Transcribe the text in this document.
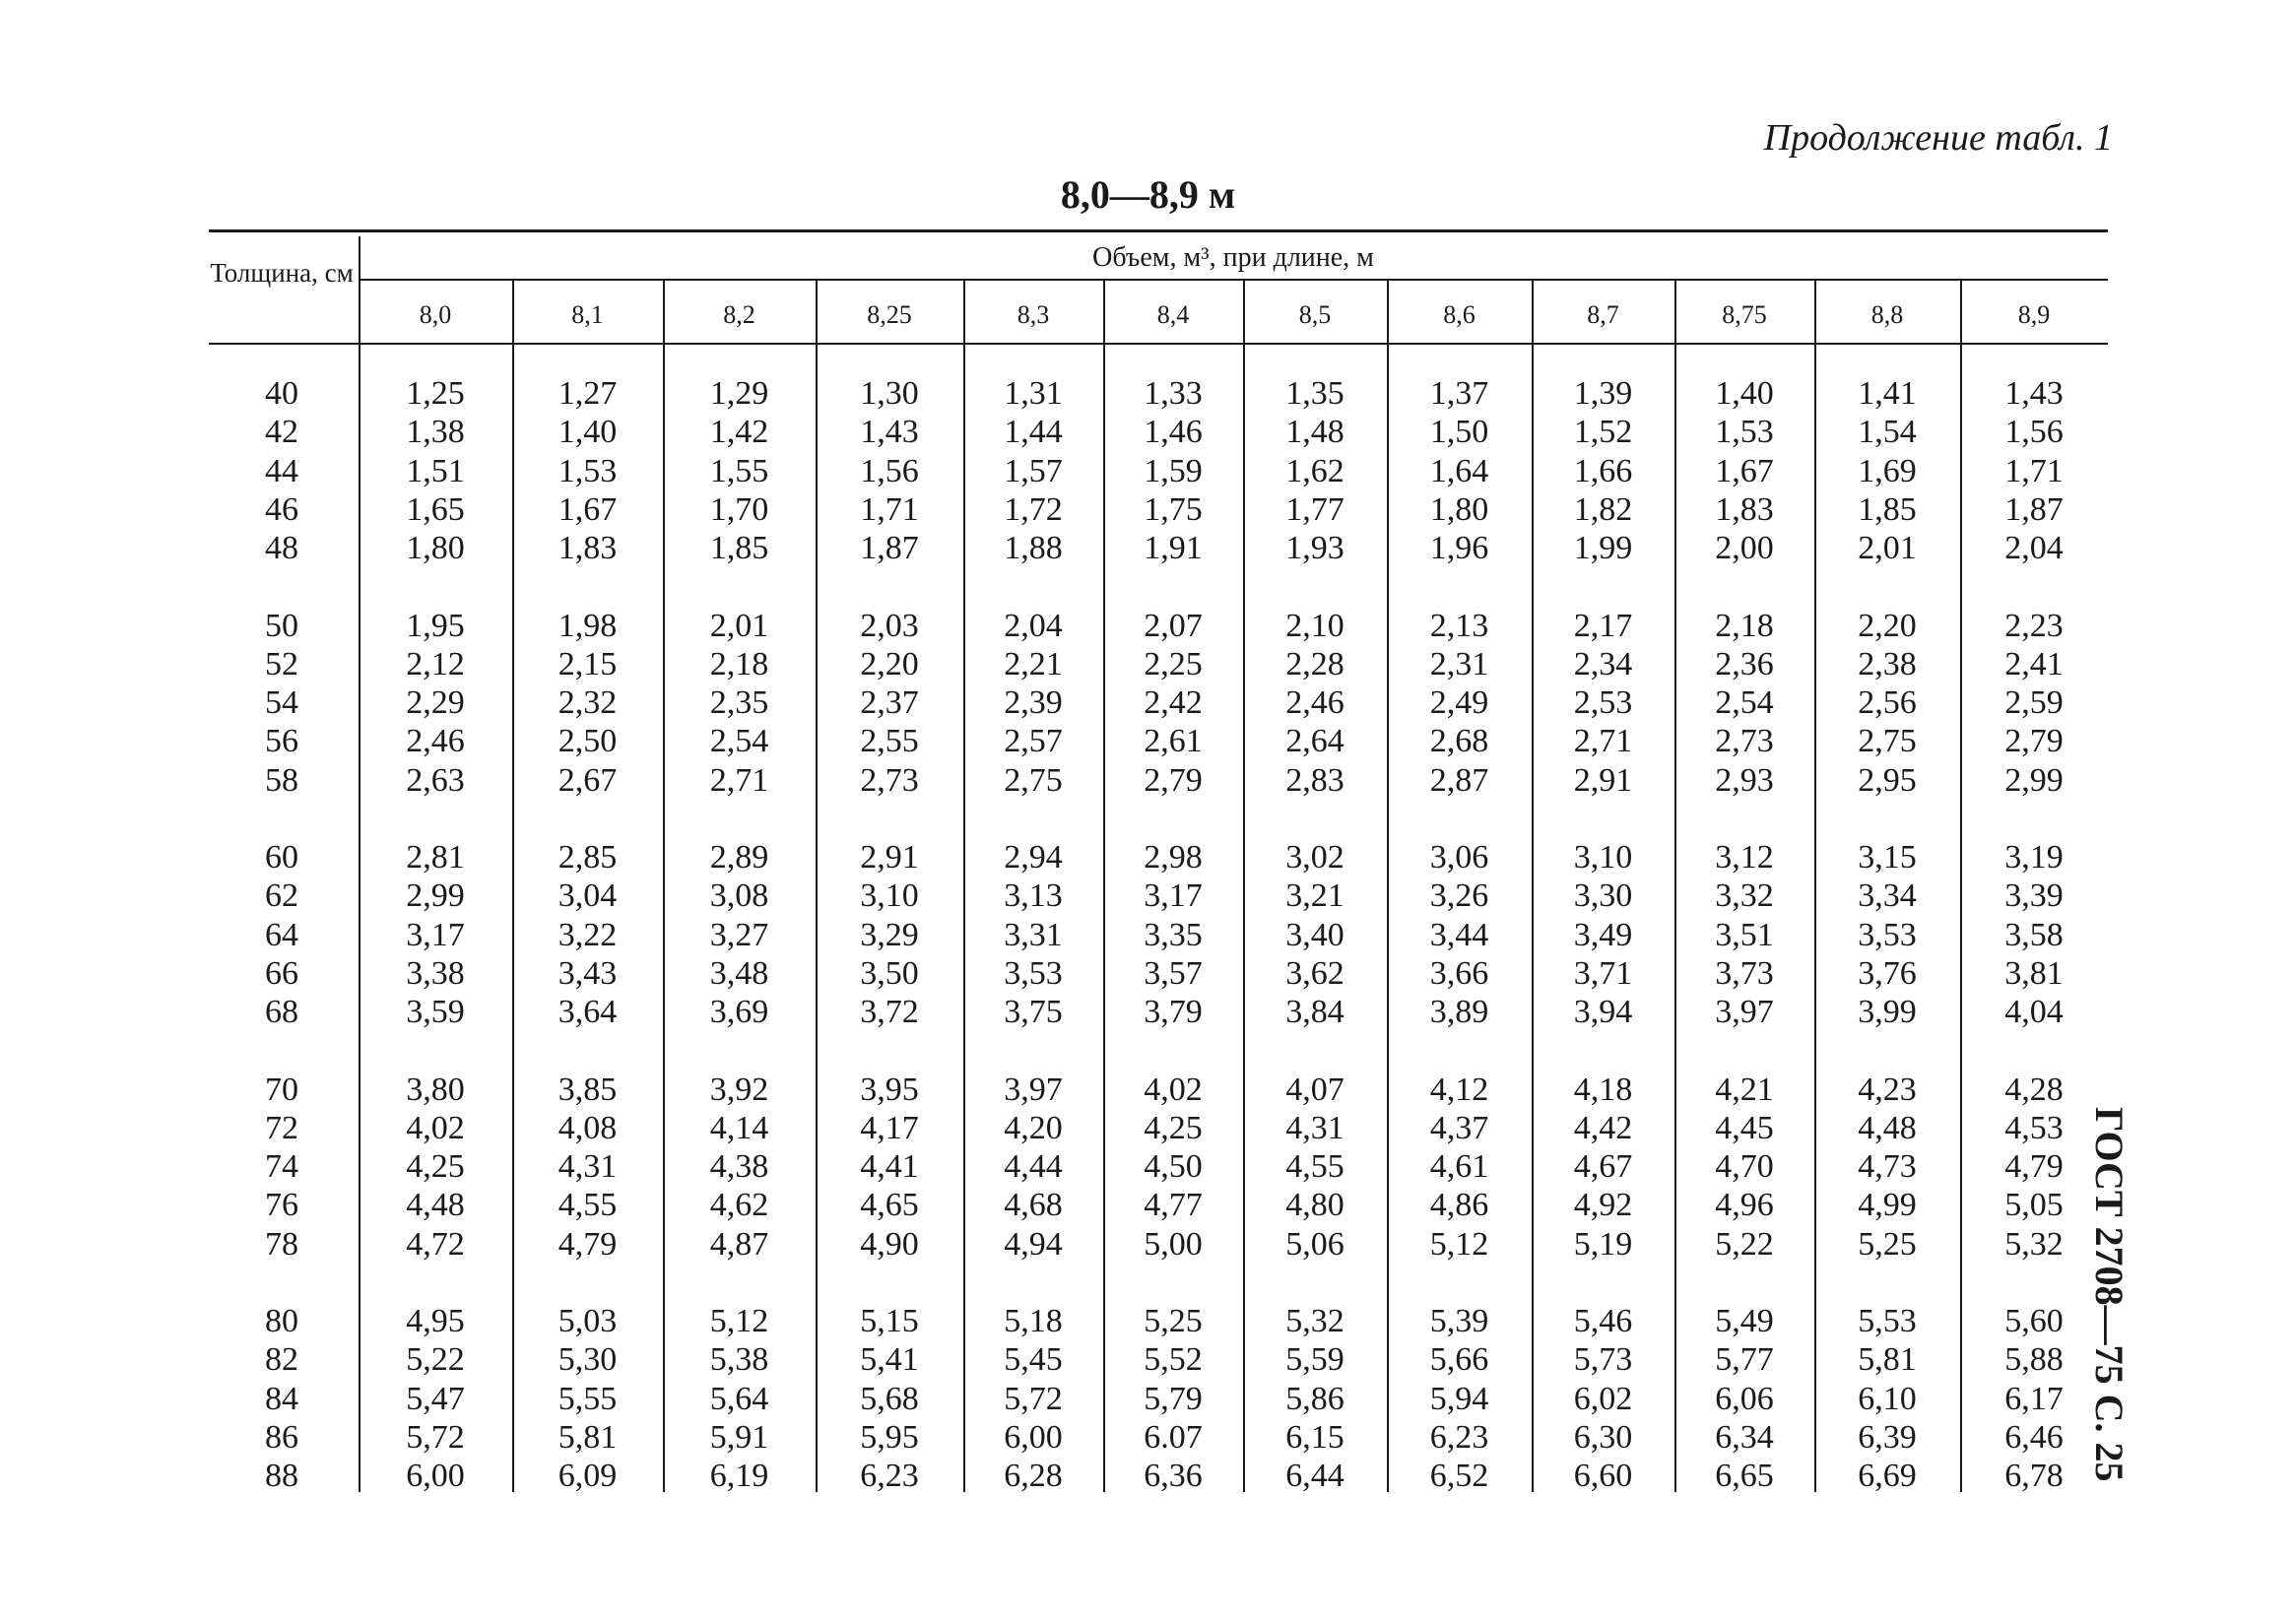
Продолжение табл. 1
8,0—8,9 м
ГОСТ 2708—75 С. 25
Толщина, см	Объем, м³, при длине, м
8,0	8,1	8,2	8,25	8,3	8,4	8,5	8,6	8,7	8,75	8,8	8,9
40	1,25	1,27	1,29	1,30	1,31	1,33	1,35	1,37	1,39	1,40	1,41	1,43
42	1,38	1,40	1,42	1,43	1,44	1,46	1,48	1,50	1,52	1,53	1,54	1,56
44	1,51	1,53	1,55	1,56	1,57	1,59	1,62	1,64	1,66	1,67	1,69	1,71
46	1,65	1,67	1,70	1,71	1,72	1,75	1,77	1,80	1,82	1,83	1,85	1,87
48	1,80	1,83	1,85	1,87	1,88	1,91	1,93	1,96	1,99	2,00	2,01	2,04
50	1,95	1,98	2,01	2,03	2,04	2,07	2,10	2,13	2,17	2,18	2,20	2,23
52	2,12	2,15	2,18	2,20	2,21	2,25	2,28	2,31	2,34	2,36	2,38	2,41
54	2,29	2,32	2,35	2,37	2,39	2,42	2,46	2,49	2,53	2,54	2,56	2,59
56	2,46	2,50	2,54	2,55	2,57	2,61	2,64	2,68	2,71	2,73	2,75	2,79
58	2,63	2,67	2,71	2,73	2,75	2,79	2,83	2,87	2,91	2,93	2,95	2,99
60	2,81	2,85	2,89	2,91	2,94	2,98	3,02	3,06	3,10	3,12	3,15	3,19
62	2,99	3,04	3,08	3,10	3,13	3,17	3,21	3,26	3,30	3,32	3,34	3,39
64	3,17	3,22	3,27	3,29	3,31	3,35	3,40	3,44	3,49	3,51	3,53	3,58
66	3,38	3,43	3,48	3,50	3,53	3,57	3,62	3,66	3,71	3,73	3,76	3,81
68	3,59	3,64	3,69	3,72	3,75	3,79	3,84	3,89	3,94	3,97	3,99	4,04
70	3,80	3,85	3,92	3,95	3,97	4,02	4,07	4,12	4,18	4,21	4,23	4,28
72	4,02	4,08	4,14	4,17	4,20	4,25	4,31	4,37	4,42	4,45	4,48	4,53
74	4,25	4,31	4,38	4,41	4,44	4,50	4,55	4,61	4,67	4,70	4,73	4,79
76	4,48	4,55	4,62	4,65	4,68	4,77	4,80	4,86	4,92	4,96	4,99	5,05
78	4,72	4,79	4,87	4,90	4,94	5,00	5,06	5,12	5,19	5,22	5,25	5,32
80	4,95	5,03	5,12	5,15	5,18	5,25	5,32	5,39	5,46	5,49	5,53	5,60
82	5,22	5,30	5,38	5,41	5,45	5,52	5,59	5,66	5,73	5,77	5,81	5,88
84	5,47	5,55	5,64	5,68	5,72	5,79	5,86	5,94	6,02	6,06	6,10	6,17
86	5,72	5,81	5,91	5,95	6,00	6.07	6,15	6,23	6,30	6,34	6,39	6,46
88	6,00	6,09	6,19	6,23	6,28	6,36	6,44	6,52	6,60	6,65	6,69	6,78
